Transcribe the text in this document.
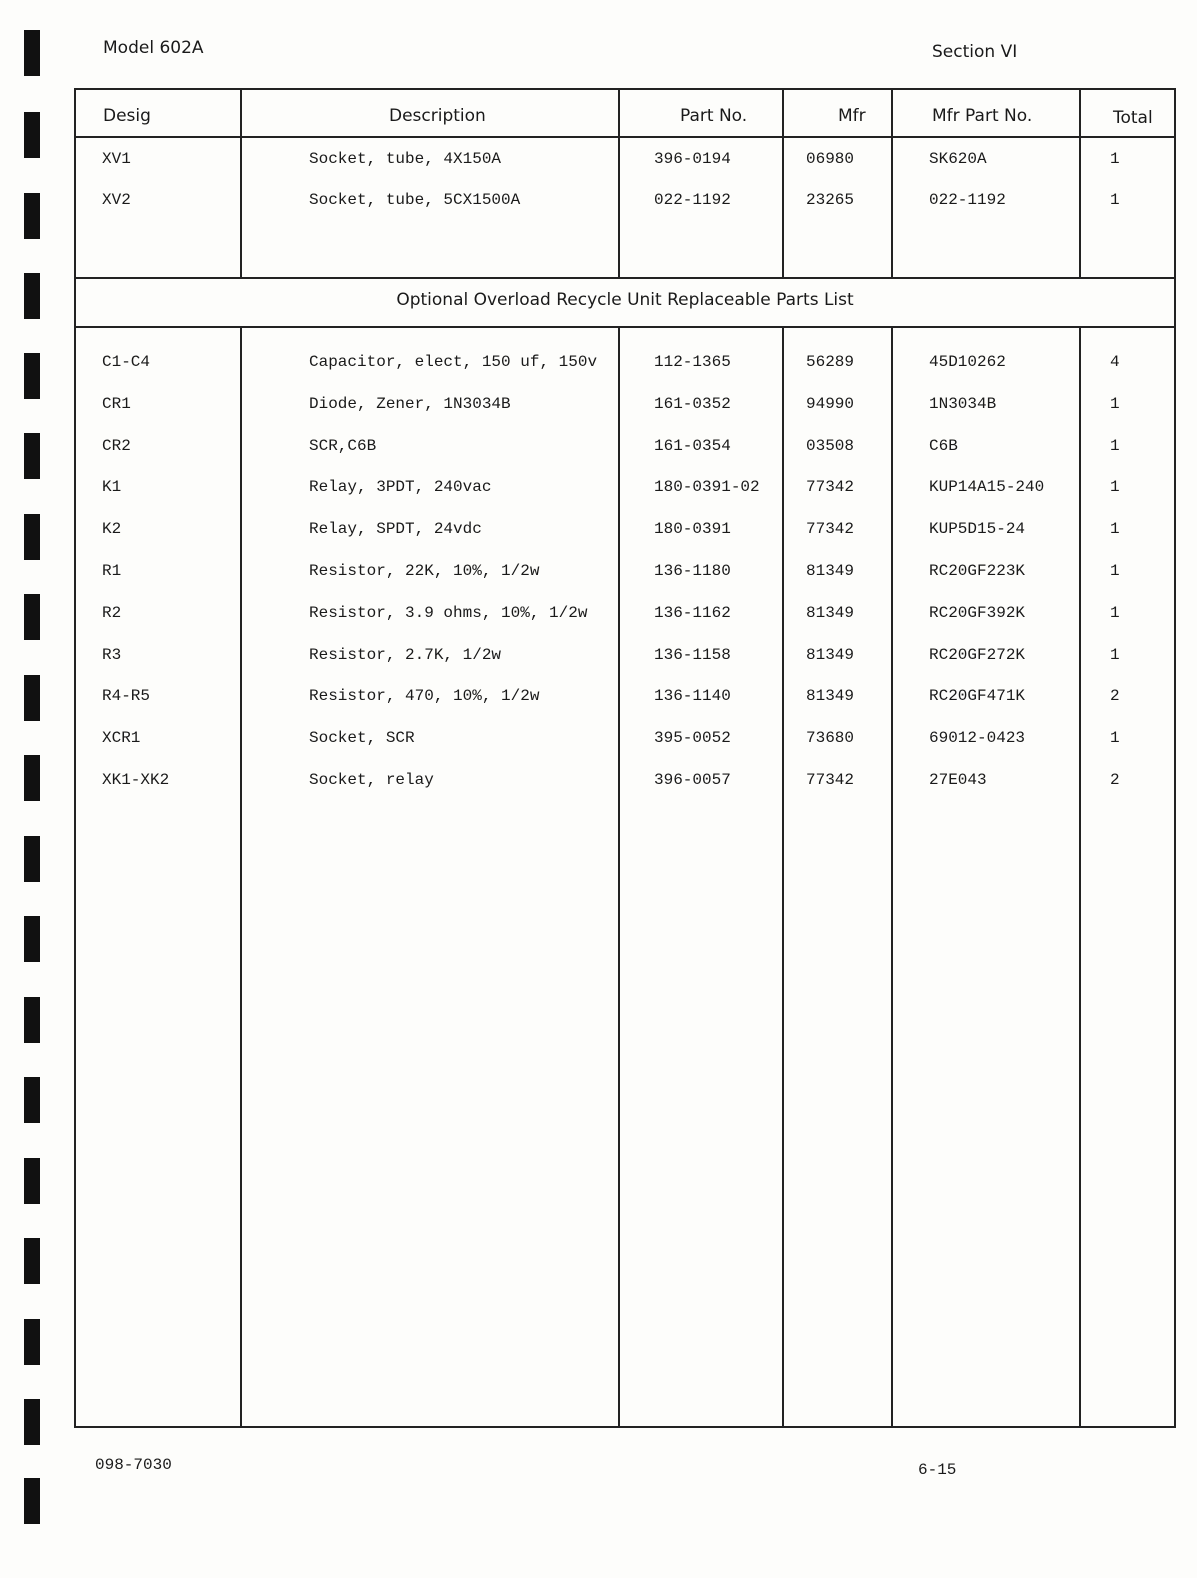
Model 602A	Section VI
Desig	Description	Part No.	Mfr	Mfr Part No.	Total
Optional Overload Recycle Unit Replaceable Parts List
XV1	Socket, tube, 4X150A	396-0194	06980	SK620A	1
XV2	Socket, tube, 5CX1500A	022-1192	23265	022-1192	1
C1-C4	Capacitor, elect, 150 uf, 150v	112-1365	56289	45D10262	4
CR1	Diode, Zener, 1N3034B	161-0352	94990	1N3034B	1
CR2	SCR,C6B	161-0354	03508	C6B	1
K1	Relay, 3PDT, 240vac	180-0391-02	77342	KUP14A15-240	1
K2	Relay, SPDT, 24vdc	180-0391	77342	KUP5D15-24	1
R1	Resistor, 22K, 10%, 1/2w	136-1180	81349	RC20GF223K	1
R2	Resistor, 3.9 ohms, 10%, 1/2w	136-1162	81349	RC20GF392K	1
R3	Resistor, 2.7K, 1/2w	136-1158	81349	RC20GF272K	1
R4-R5	Resistor, 470, 10%, 1/2w	136-1140	81349	RC20GF471K	2
XCR1	Socket, SCR	395-0052	73680	69012-0423	1
XK1-XK2	Socket, relay	396-0057	77342	27E043	2
098-7030	6-15
